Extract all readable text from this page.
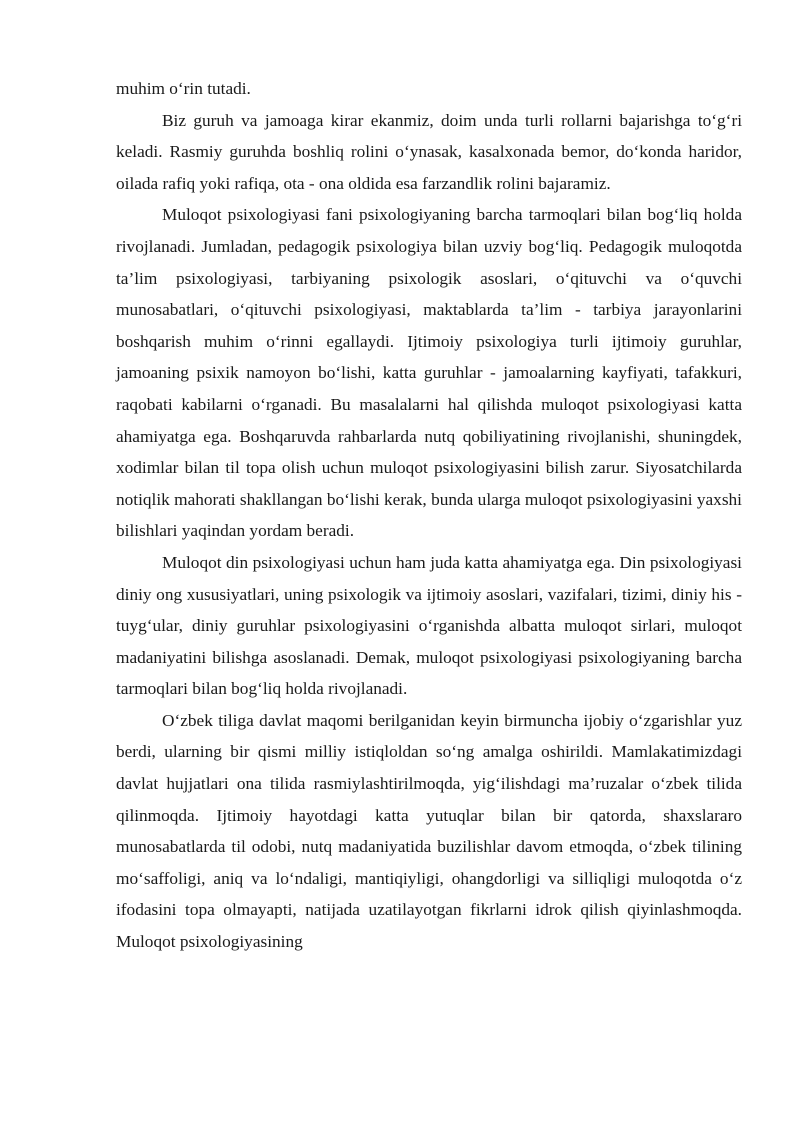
muhim o‘rin tutadi.

Biz guruh va jamoaga kirar ekanmiz, doim unda turli rollarni bajarishga to‘g‘ri keladi. Rasmiy guruhda boshliq rolini o‘ynasak, kasalxonada bemor, do‘konda haridor, oilada rafiq yoki rafiqa, ota - ona oldida esa farzandlik rolini bajaramiz.

Muloqot psixologiyasi fani psixologiyaning barcha tarmoqlari bilan bog‘liq holda rivojlanadi. Jumladan, pedagogik psixologiya bilan uzviy bog‘liq. Pedagogik muloqotda ta’lim psixologiyasi, tarbiyaning psixologik asoslari, o‘qituvchi va o‘quvchi munosabatlari, o‘qituvchi psixologiyasi, maktablarda ta’lim - tarbiya jarayonlarini boshqarish muhim o‘rinni egallaydi. Ijtimoiy psixologiya turli ijtimoiy guruhlar, jamoaning psixik namoyon bo‘lishi, katta guruhlar - jamoalarning kayfiyati, tafakkuri, raqobati kabilarni o‘rganadi. Bu masalalarni hal qilishda muloqot psixologiyasi katta ahamiyatga ega. Boshqaruvda rahbarlarda nutq qobiliyatining rivojlanishi, shuningdek, xodimlar bilan til topa olish uchun muloqot psixologiyasini bilish zarur. Siyosatchilarda notiqlik mahorati shakllangan bo‘lishi kerak, bunda ularga muloqot psixologiyasini yaxshi bilishlari yaqindan yordam beradi.

Muloqot din psixologiyasi uchun ham juda katta ahamiyatga ega. Din psixologiyasi diniy ong xususiyatlari, uning psixologik va ijtimoiy asoslari, vazifalari, tizimi, diniy his - tuyg‘ular, diniy guruhlar psixologiyasini o‘rganishda albatta muloqot sirlari, muloqot madaniyatini bilishga asoslanadi. Demak, muloqot psixologiyasi psixologiyaning barcha tarmoqlari bilan bog‘liq holda rivojlanadi.

O‘zbek tiliga davlat maqomi berilganidan keyin birmuncha ijobiy o‘zgarishlar yuz berdi, ularning bir qismi milliy istiqloldan so‘ng amalga oshirildi. Mamlakatimizdagi davlat hujjatlari ona tilida rasmiylashtirilmoqda, yig‘ilishdagi ma’ruzalar o‘zbek tilida qilinmoqda. Ijtimoiy hayotdagi katta yutuqlar bilan bir qatorda, shaxslararo munosabatlarda til odobi, nutq madaniyatida buzilishlar davom etmoqda, o‘zbek tilining mo‘saffoligi, aniq va lo‘ndaligi, mantiqiyligi, ohangdorligi va silliqligi muloqotda o‘z ifodasini topa olmayapti, natijada uzatilayotgan fikrlarni idrok qilish qiyinlashmoqda. Muloqot psixologiyasining
